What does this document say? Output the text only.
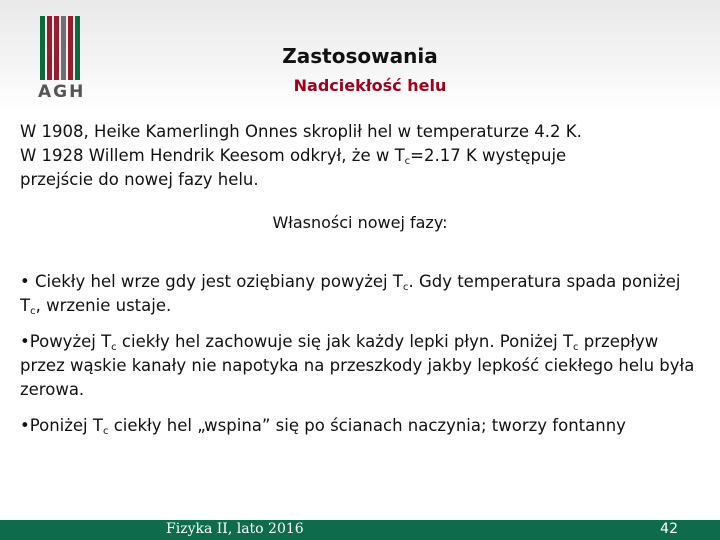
AGH
Zastosowania
Nadciekłość helu
W 1908, Heike Kamerlingh Onnes skroplił hel w temperaturze 4.2 K.
W 1928 Willem Hendrik Keesom odkrył, że w $T_c=2.17$ K występuje
przejście do nowej fazy helu.
Własności nowej fazy:
• Ciekły hel wrze gdy jest oziębiany powyżej $T_c$. Gdy temperatura spada poniżej $T_c$, wrzenie ustaje.
•Powyżej $T_c$ ciekły hel zachowuje się jak każdy lepki płyn. Poniżej $T_c$ przepływ przez wąskie kanały nie napotyka na przeszkody jakby lepkość ciekłego helu była zerowa.
•Poniżej $T_c$ ciekły hel „wspina” się po ścianach naczynia; tworzy fontanny
Fizyka II, lato 2016	42
